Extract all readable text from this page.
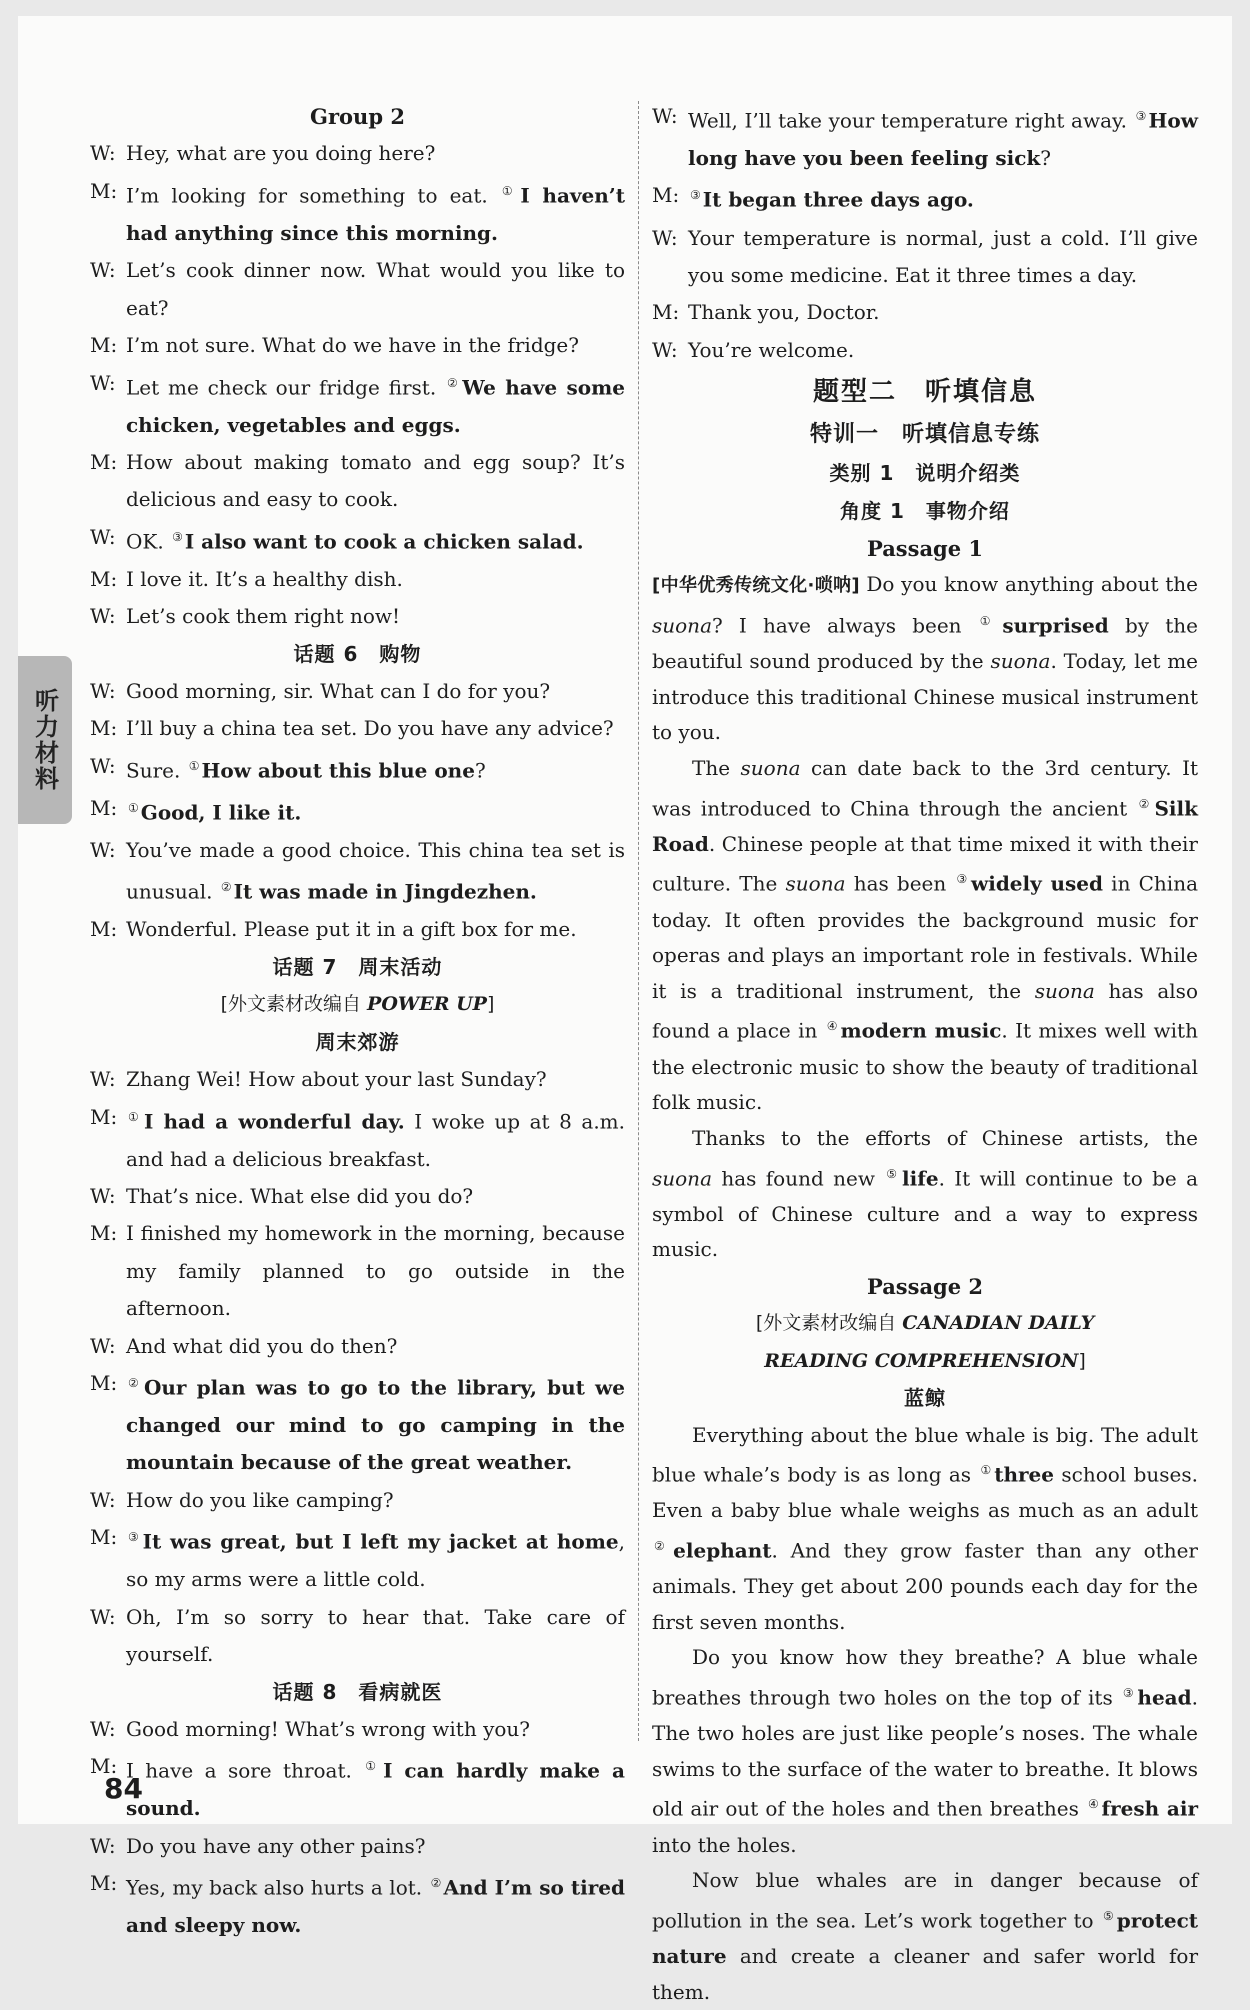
听力材料
Group 2
W: Hey, what are you doing here?
M: I’m looking for something to eat. ① I haven’t had anything since this morning.
W: Let’s cook dinner now. What would you like to eat?
M: I’m not sure. What do we have in the fridge?
W: Let me check our fridge first. ② We have some chicken, vegetables and eggs.
M: How about making tomato and egg soup? It’s delicious and easy to cook.
W: OK. ③ I also want to cook a chicken salad.
M: I love it. It’s a healthy dish.
W: Let’s cook them right now!
话题 6　购物
W: Good morning, sir. What can I do for you?
M: I’ll buy a china tea set. Do you have any advice?
W: Sure. ① How about this blue one?
M: ① Good, I like it.
W: You’ve made a good choice. This china tea set is unusual. ② It was made in Jingdezhen.
M: Wonderful. Please put it in a gift box for me.
话题 7　周末活动
[外文素材改编自 POWER UP]
周末郊游
W: Zhang Wei! How about your last Sunday?
M: ① I had a wonderful day. I woke up at 8 a.m. and had a delicious breakfast.
W: That’s nice. What else did you do?
M: I finished my homework in the morning, because my family planned to go outside in the afternoon.
W: And what did you do then?
M: ② Our plan was to go to the library, but we changed our mind to go camping in the mountain because of the great weather.
W: How do you like camping?
M: ③ It was great, but I left my jacket at home, so my arms were a little cold.
W: Oh, I’m so sorry to hear that. Take care of yourself.
话题 8　看病就医
W: Good morning! What’s wrong with you?
M: I have a sore throat. ① I can hardly make a sound.
W: Do you have any other pains?
M: Yes, my back also hurts a lot. ② And I’m so tired and sleepy now.
W: Well, I’ll take your temperature right away. ③ How long have you been feeling sick?
M: ③ It began three days ago.
W: Your temperature is normal, just a cold. I’ll give you some medicine. Eat it three times a day.
M: Thank you, Doctor.
W: You’re welcome.
题型二　听填信息
特训一　听填信息专练
类别 1　说明介绍类
角度 1　事物介绍
Passage 1

[中华优秀传统文化·唢呐] Do you know anything about the suona? I have always been ① surprised by the beautiful sound produced by the suona. Today, let me introduce this traditional Chinese musical instrument to you.

The suona can date back to the 3rd century. It was introduced to China through the ancient ② Silk Road. Chinese people at that time mixed it with their culture. The suona has been ③ widely used in China today. It often provides the background music for operas and plays an important role in festivals. While it is a traditional instrument, the suona has also found a place in ④ modern music. It mixes well with the electronic music to show the beauty of traditional folk music.

Thanks to the efforts of Chinese artists, the suona has found new ⑤ life. It will continue to be a symbol of Chinese culture and a way to express music.

Passage 2
[外文素材改编自 CANADIAN DAILY
READING COMPREHENSION]
蓝鲸

Everything about the blue whale is big. The adult blue whale’s body is as long as ① three school buses. Even a baby blue whale weighs as much as an adult ② elephant. And they grow faster than any other animals. They get about 200 pounds each day for the first seven months.

Do you know how they breathe? A blue whale breathes through two holes on the top of its ③ head. The two holes are just like people’s noses. The whale swims to the surface of the water to breathe. It blows old air out of the holes and then breathes ④ fresh air into the holes.

Now blue whales are in danger because of pollution in the sea. Let’s work together to ⑤ protect nature and create a cleaner and safer world for them.

84
